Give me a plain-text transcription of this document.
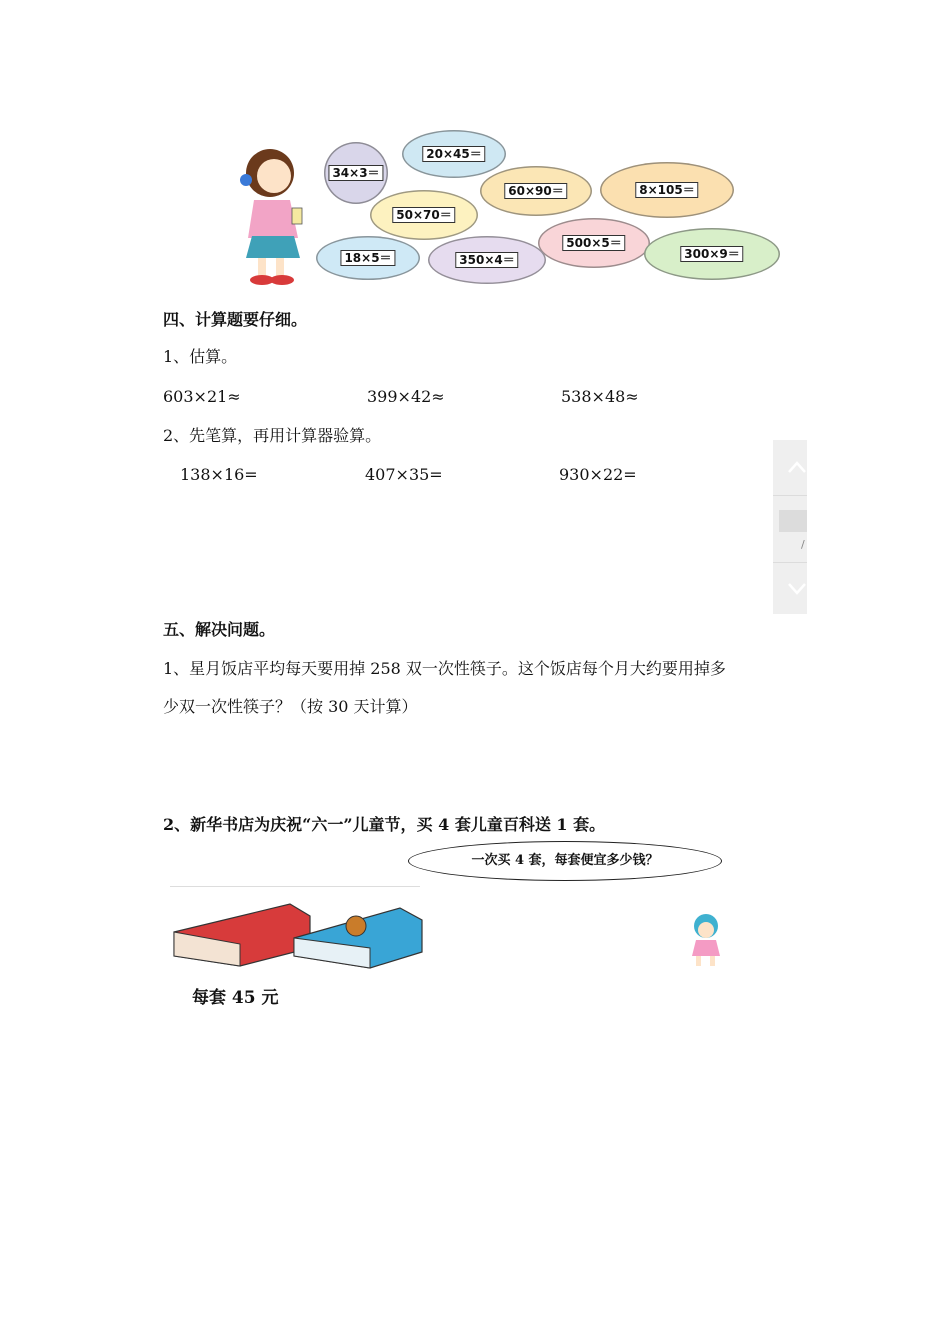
34×3＝
20×45＝
60×90＝	8×105＝
50×70＝
500×5＝
18×5＝	350×4＝	300×9＝
四、计算题要仔细。
1、估算。
603×21≈	399×42≈	538×48≈
2、先笔算，再用计算器验算。
138×16=	407×35=	930×22=
五、解决问题。
1、星月饭店平均每天要用掉 258 双一次性筷子。这个饭店每个月大约要用掉多
少双一次性筷子？（按 30 天计算）
2、新华书店为庆祝“六一”儿童节，买 4 套儿童百科送 1 套。
一次买 4 套，每套便宜多少钱？
每套 45 元
/
